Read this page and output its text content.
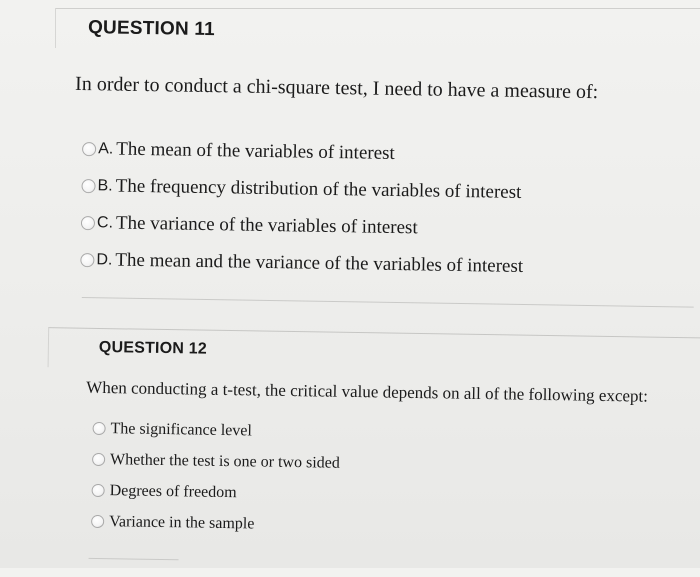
QUESTION 11
In order to conduct a chi-square test, I need to have a measure of:
A. The mean of the variables of interest
B. The frequency distribution of the variables of interest
C. The variance of the variables of interest
D. The mean and the variance of the variables of interest
QUESTION 12
When conducting a t-test, the critical value depends on all of the following except:
The significance level
Whether the test is one or two sided
Degrees of freedom
Variance in the sample
